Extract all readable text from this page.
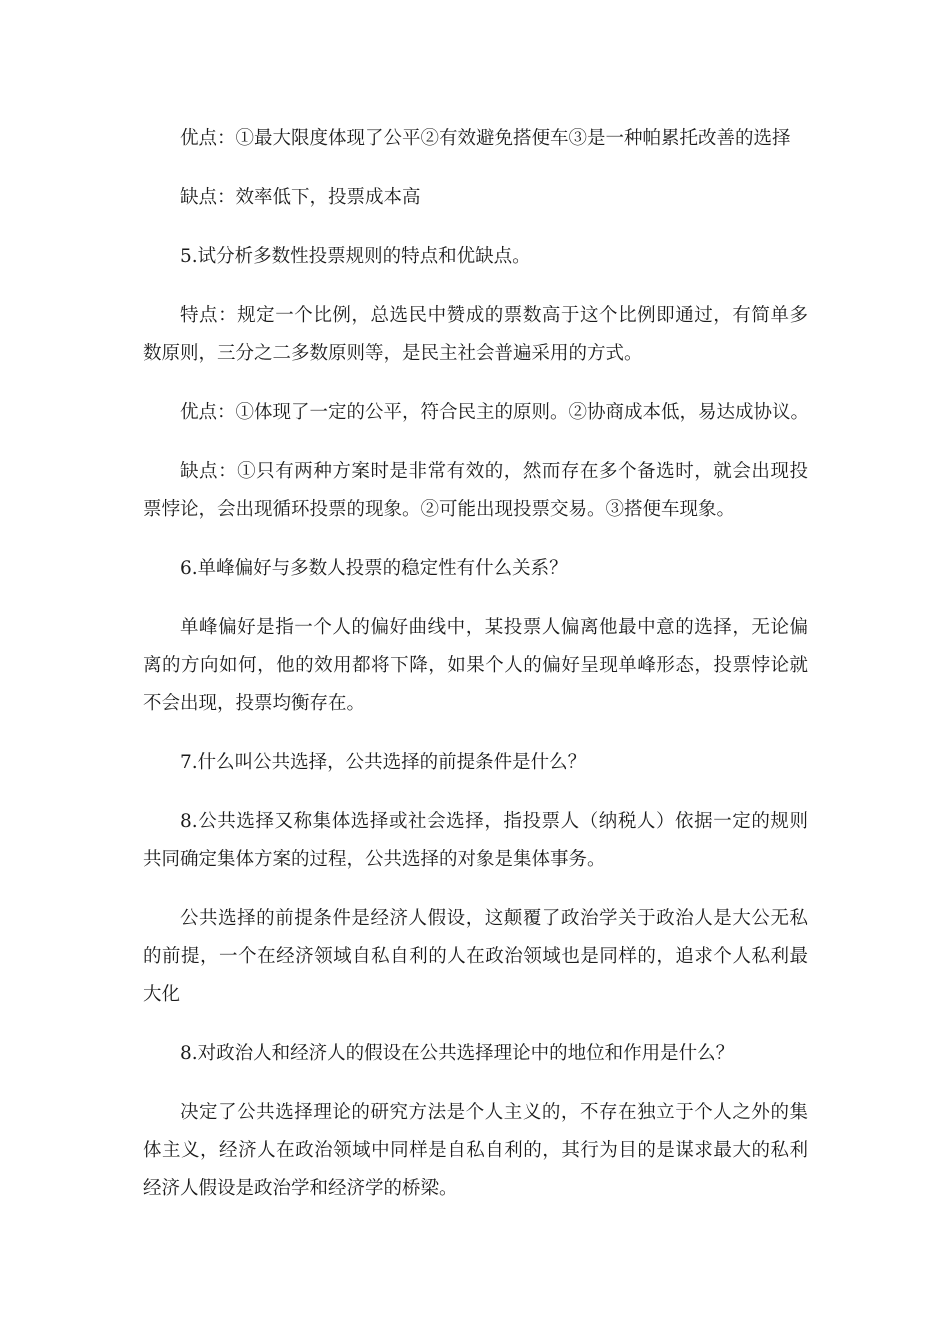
优点：①最大限度体现了公平②有效避免搭便车③是一种帕累托改善的选择

缺点：效率低下，投票成本高

5.试分析多数性投票规则的特点和优缺点。

特点：规定一个比例，总选民中赞成的票数高于这个比例即通过，有简单多数原则，三分之二多数原则等，是民主社会普遍采用的方式。

优点：①体现了一定的公平，符合民主的原则。②协商成本低，易达成协议。

缺点：①只有两种方案时是非常有效的，然而存在多个备选时，就会出现投票悖论，会出现循环投票的现象。②可能出现投票交易。③搭便车现象。

6.单峰偏好与多数人投票的稳定性有什么关系？

单峰偏好是指一个人的偏好曲线中，某投票人偏离他最中意的选择，无论偏离的方向如何，他的效用都将下降，如果个人的偏好呈现单峰形态，投票悖论就不会出现，投票均衡存在。

7.什么叫公共选择，公共选择的前提条件是什么？

8.公共选择又称集体选择或社会选择，指投票人（纳税人）依据一定的规则共同确定集体方案的过程，公共选择的对象是集体事务。

公共选择的前提条件是经济人假设，这颠覆了政治学关于政治人是大公无私的前提，一个在经济领域自私自利的人在政治领域也是同样的，追求个人私利最大化

8.对政治人和经济人的假设在公共选择理论中的地位和作用是什么？

决定了公共选择理论的研究方法是个人主义的，不存在独立于个人之外的集体主义，经济人在政治领域中同样是自私自利的，其行为目的是谋求最大的私利经济人假设是政治学和经济学的桥梁。
